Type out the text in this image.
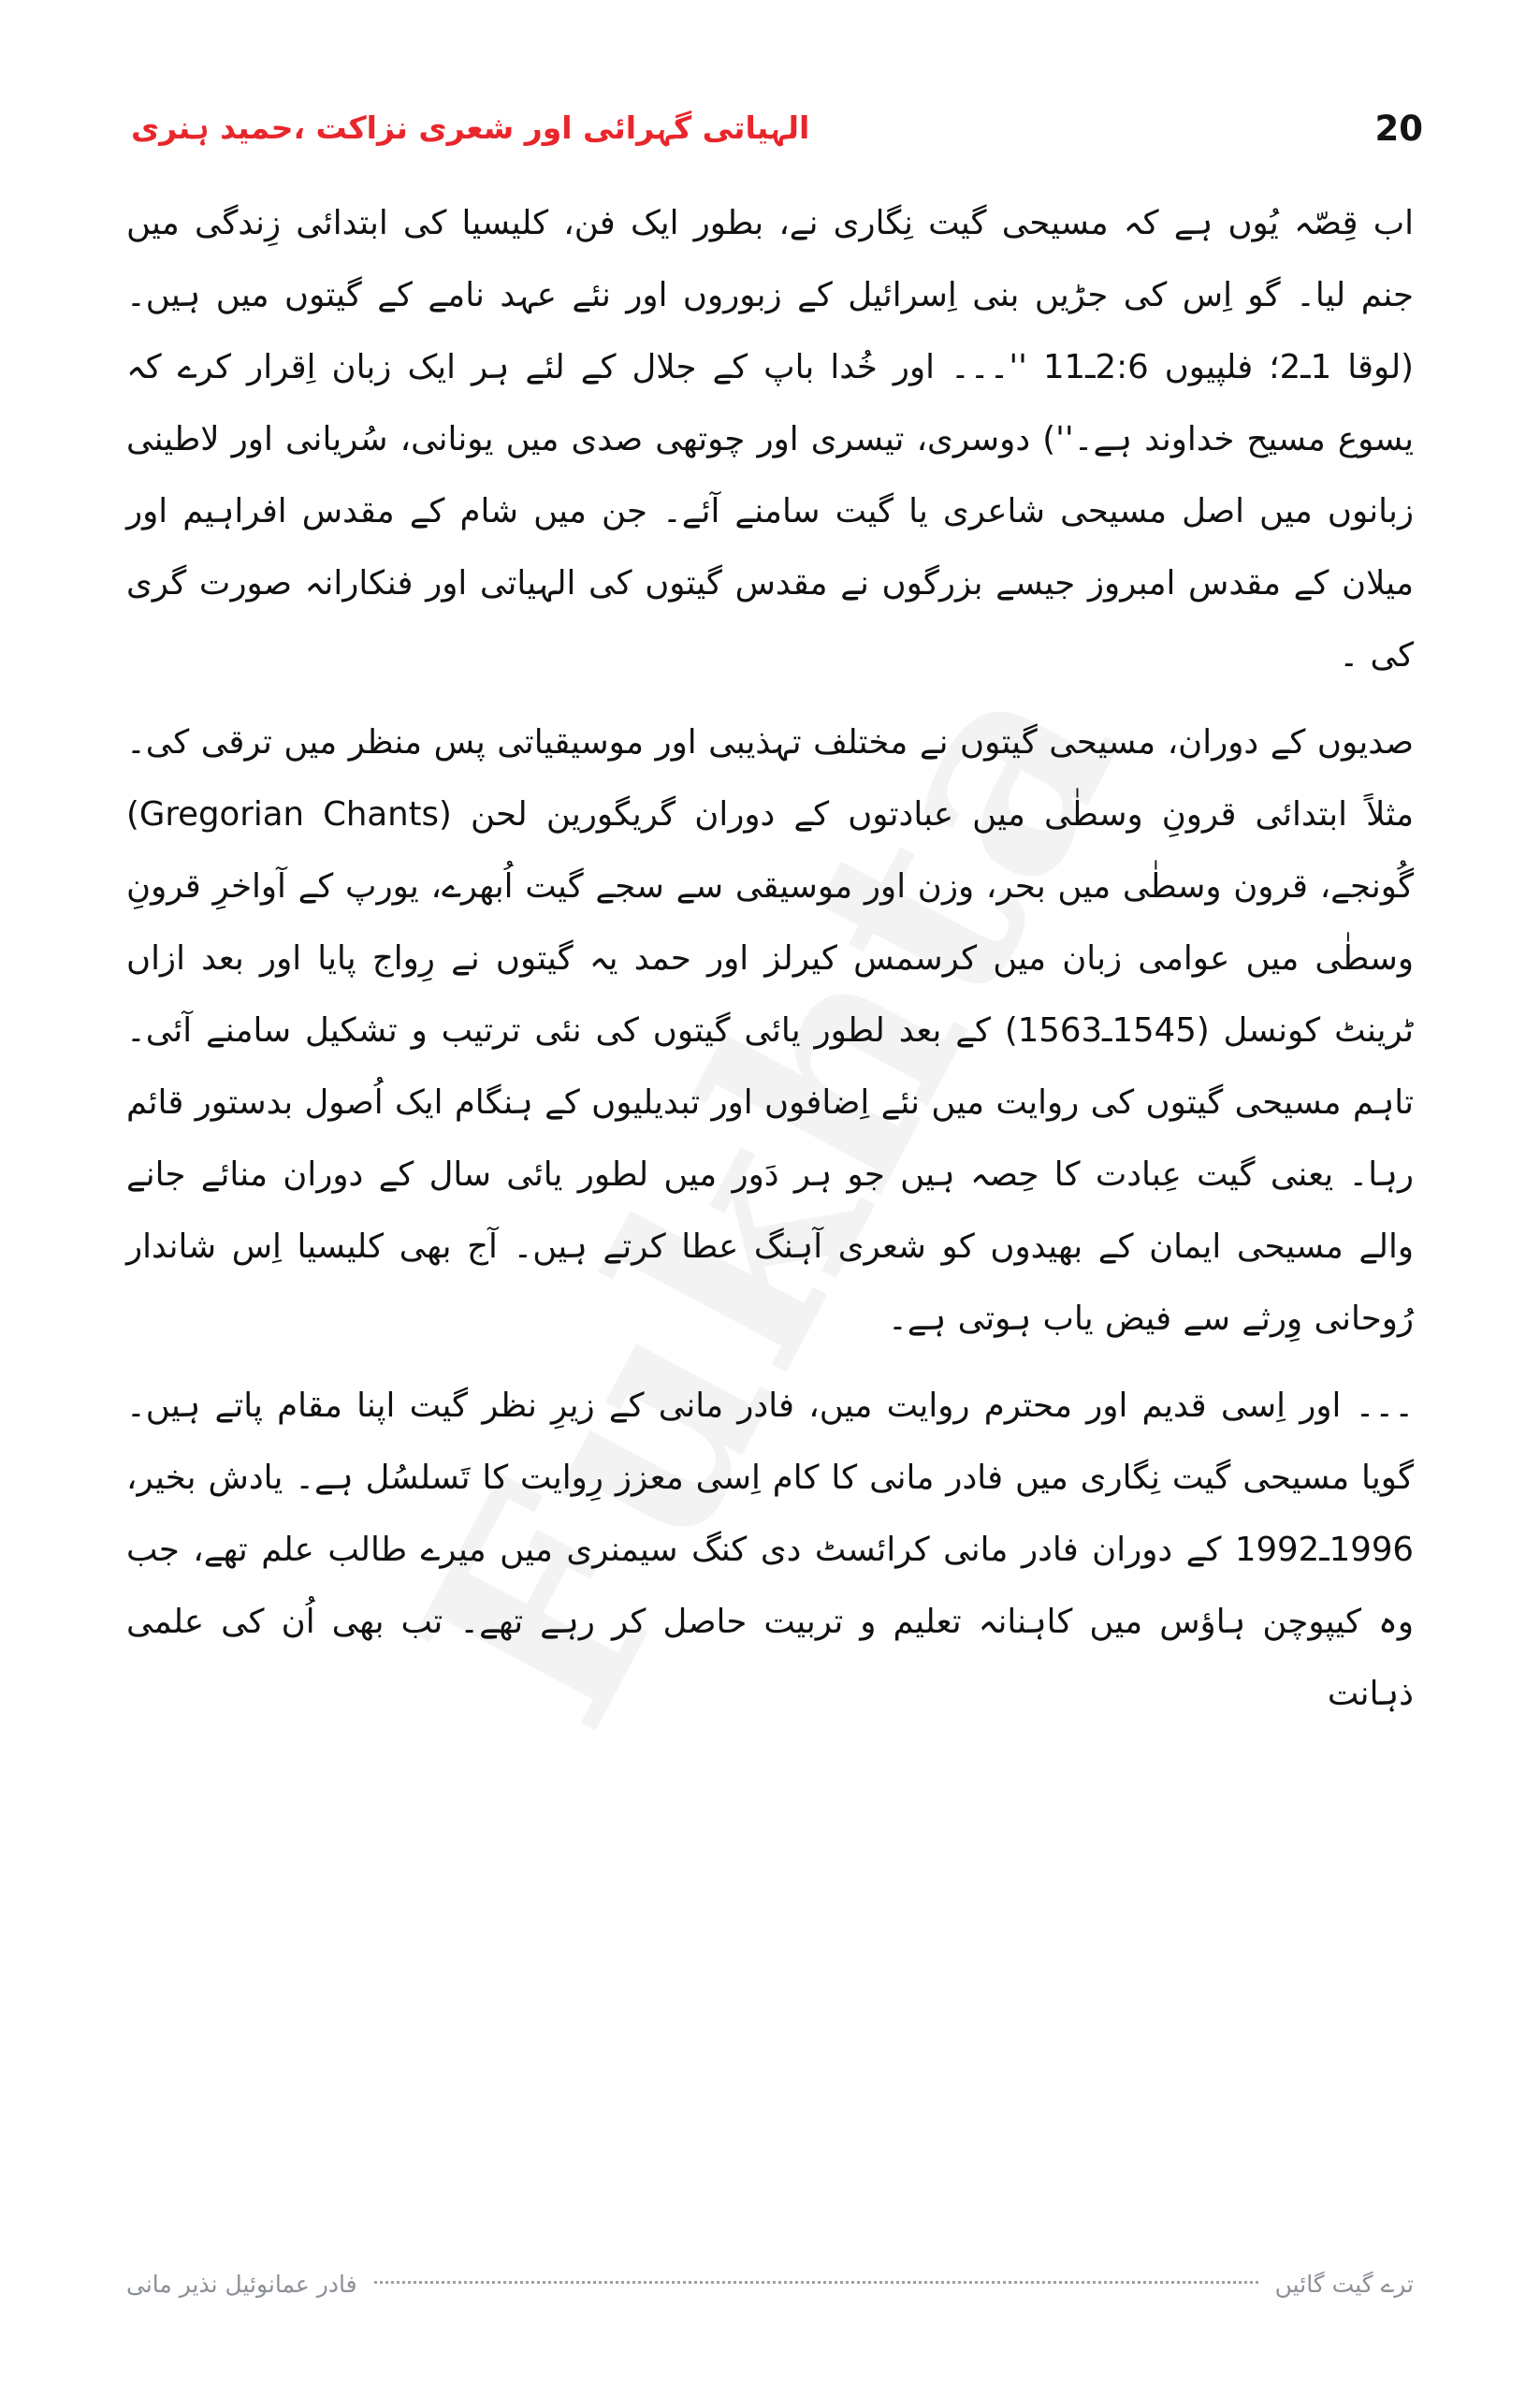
الہیاتی گہرائی اور شعری نزاکت ،حمید ہنری	20

اب قِصّہ یُوں ہے کہ مسیحی گیت نِگاری نے، بطور ایک فن، کلیسیا کی ابتدائی زِندگی میں جنم لیا۔ گو اِس کی جڑیں بنی اِسرائیل کے زبوروں اور نئے عہد نامے کے گیتوں میں ہیں۔ (لوقا 1ـ2؛ فلپیوں 2:6ـ11 ''۔۔۔ اور خُدا باپ کے جلال کے لئے ہر ایک زبان اِقرار کرے کہ یسوع مسیح خداوند ہے۔'') دوسری، تیسری اور چوتھی صدی میں یونانی، سُریانی اور لاطینی زبانوں میں اصل مسیحی شاعری یا گیت سامنے آئے۔ جن میں شام کے مقدس افراہیم اور میلان کے مقدس امبروز جیسے بزرگوں نے مقدس گیتوں کی الہیاتی اور فنکارانہ صورت گری کی ۔

صدیوں کے دوران، مسیحی گیتوں نے مختلف تہذیبی اور موسیقیاتی پس منظر میں ترقی کی۔ مثلاً ابتدائی قرونِ وسطٰی میں عبادتوں کے دوران گریگورین لحن (Gregorian Chants) گُونجے، قرون وسطٰی میں بحر، وزن اور موسیقی سے سجے گیت اُبھرے، یورپ کے آواخرِ قرونِ وسطٰی میں عوامی زبان میں کرسمس کیرلز اور حمد یہ گیتوں نے رِواج پایا اور بعد ازاں ٹرینٹ کونسل (1545ـ1563) کے بعد لطور یائی گیتوں کی نئی ترتیب و تشکیل سامنے آئی۔ تاہم مسیحی گیتوں کی روایت میں نئے اِضافوں اور تبدیلیوں کے ہنگام ایک اُصول بدستور قائم رہا۔ یعنی گیت عِبادت کا حِصہ ہیں جو ہر دَور میں لطور یائی سال کے دوران منائے جانے والے مسیحی ایمان کے بھیدوں کو شعری آہنگ عطا کرتے ہیں۔ آج بھی کلیسیا اِس شاندار رُوحانی وِرثے سے فیض یاب ہوتی ہے۔

۔۔۔ اور اِسی قدیم اور محترم روایت میں، فادر مانی کے زیرِ نظر گیت اپنا مقام پاتے ہیں۔ گویا مسیحی گیت نِگاری میں فادر مانی کا کام اِسی معزز رِوایت کا تَسلسُل ہے۔ یادش بخیر، 1996ـ1992 کے دوران فادر مانی کرائسٹ دی کنگ سیمنری میں میرے طالب علم تھے، جب وہ کیپوچن ہاؤس میں کاہنانہ تعلیم و تربیت حاصل کر رہے تھے۔ تب بھی اُن کی علمی ذہانت

ترے گیت گائیں
فادر عمانوئیل نذیر مانی
